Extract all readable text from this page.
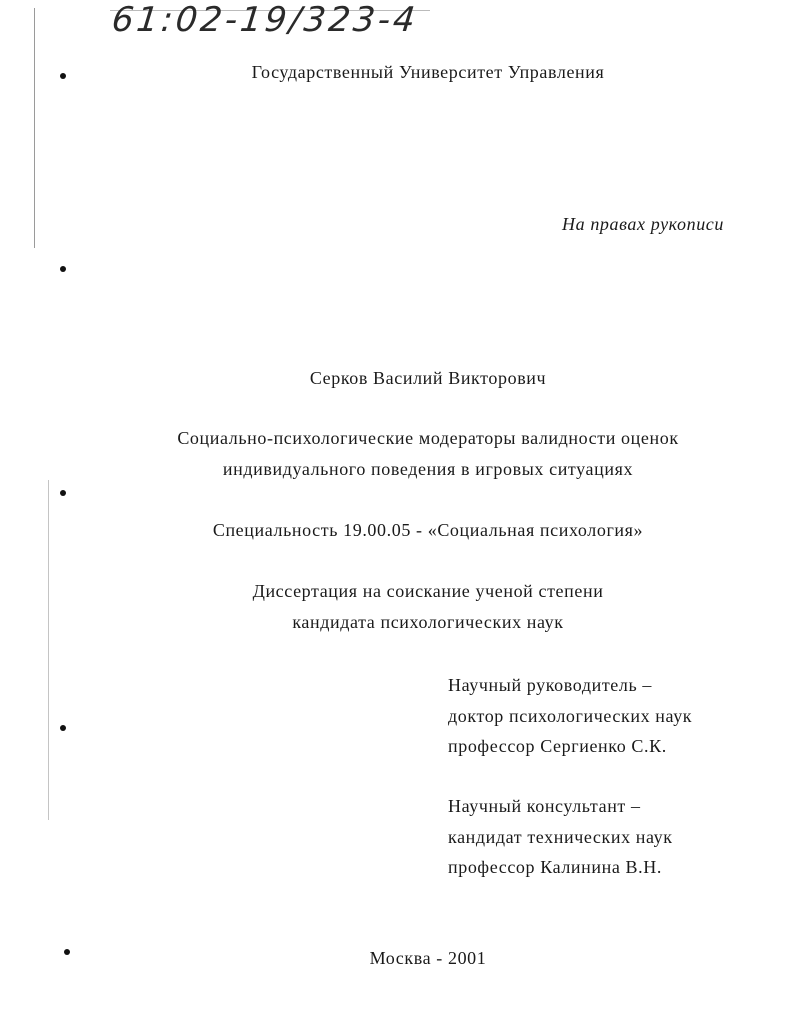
61:02-19/323-4
Государственный Университет Управления
На правах рукописи
Серков Василий Викторович
Социально-психологические модераторы валидности оценок
индивидуального поведения в игровых ситуациях
Специальность 19.00.05 - «Социальная психология»
Диссертация на соискание ученой степени
кандидата психологических наук
Научный руководитель –
доктор психологических наук
профессор Сергиенко С.К.
Научный консультант –
кандидат технических наук
профессор Калинина В.Н.
Москва - 2001
